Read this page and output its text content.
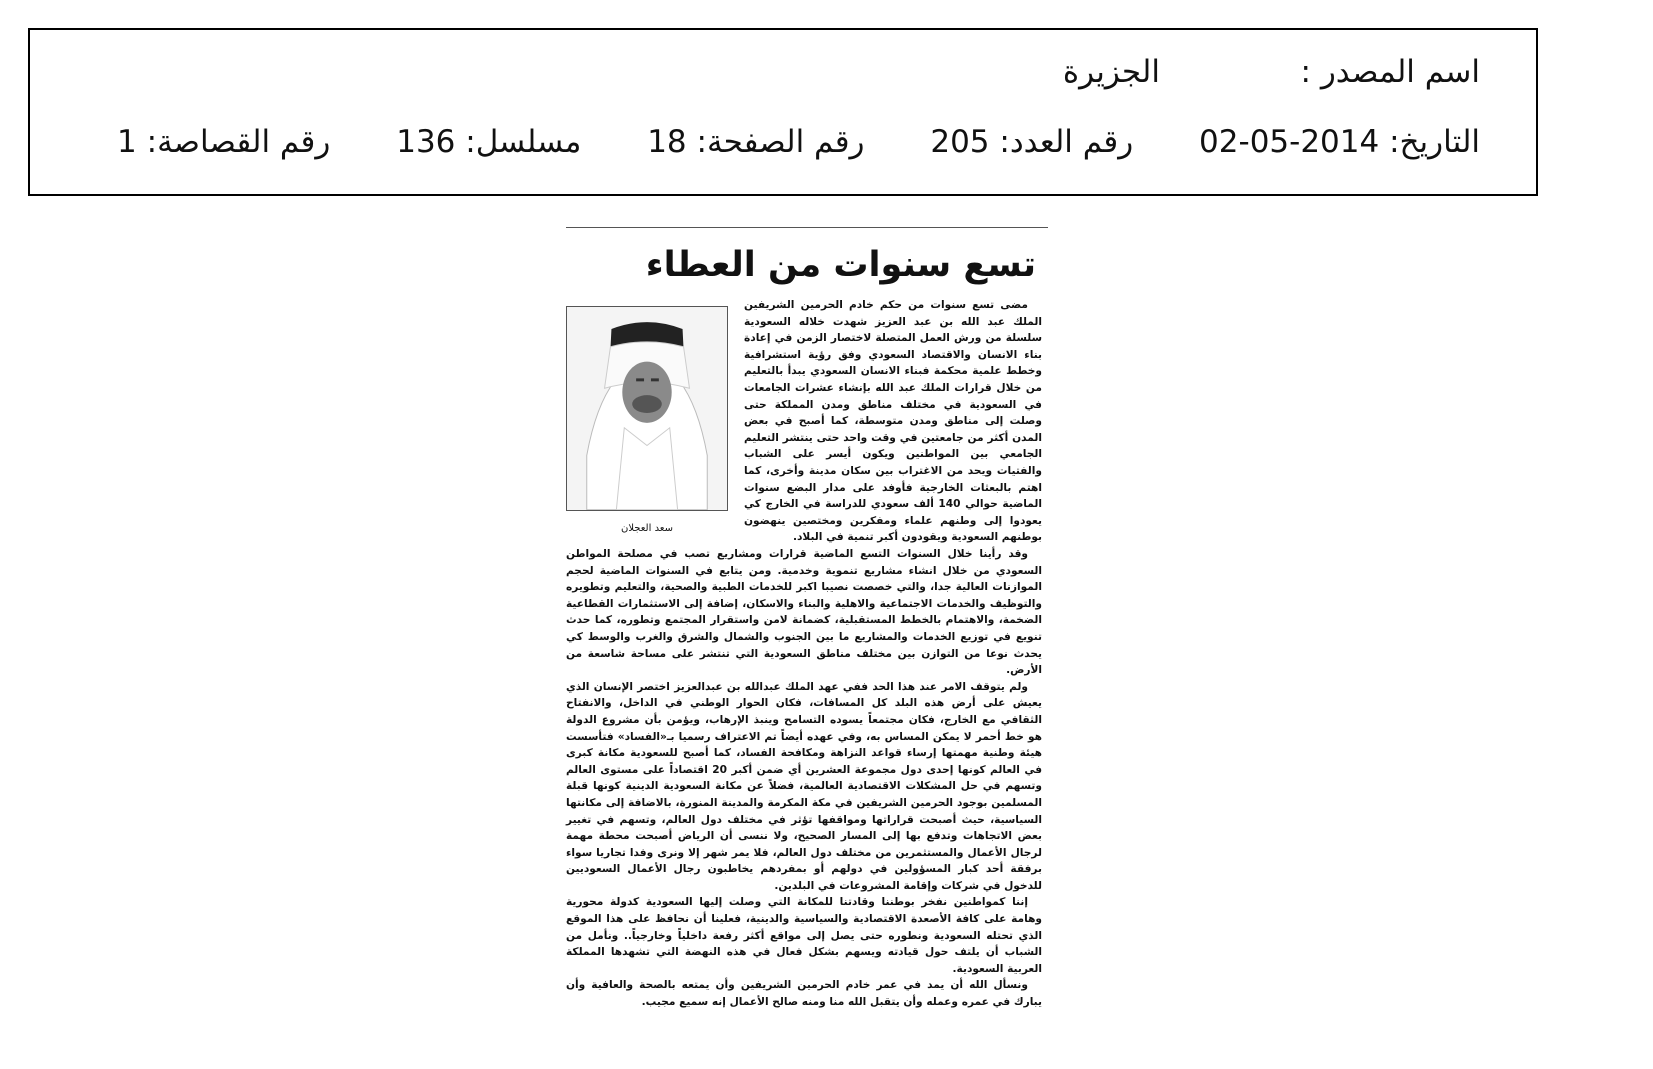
اسم المصدر :
الجزيرة
التاريخ: 2014-05-02 رقم العدد: 205 رقم الصفحة: 18 مسلسل: 136 رقم القصاصة: 1
تسع سنوات من العطاء
سعد العجلان

مضى تسع سنوات من حكم خادم الحرمين الشريفين الملك عبد الله بن عبد العزيز شهدت خلاله السعودية سلسلة من ورش العمل المتصلة لاختصار الزمن في إعادة بناء الانسان والاقتصاد السعودي وفق رؤية استشرافية وخطط علمية محكمة فبناء الانسان السعودي يبدأ بالتعليم من خلال قرارات الملك عبد الله بإنشاء عشرات الجامعات في السعودية في مختلف مناطق ومدن المملكة حتى وصلت إلى مناطق ومدن متوسطة، كما أصبح في بعض المدن أكثر من جامعتين في وقت واحد حتى ينتشر التعليم الجامعي بين المواطنين ويكون أيسر على الشباب والفتيات ويحد من الاغتراب بين سكان مدينة وأخرى، كما اهتم بالبعثات الخارجية فأوفد على مدار البضع سنوات الماضية حوالي 140 ألف سعودي للدراسة في الخارج كي يعودوا إلى وطنهم علماء ومفكرين ومختصين ينهضون بوطنهم السعودية ويقودون أكبر تنمية في البلاد.

وقد رأينا خلال السنوات التسع الماضية قرارات ومشاريع تصب في مصلحة المواطن السعودي من خلال انشاء مشاريع تنموية وخدمية. ومن يتابع في السنوات الماضية لحجم الموازنات العالية جدا، والتي خصصت نصيبا اكبر للخدمات الطبية والصحية، والتعليم وتطويره والتوظيف والخدمات الاجتماعية والاهلية والبناء والاسكان، إضافة إلى الاستثمارات القطاعية الضخمة، والاهتمام بالخطط المستقبلية، كضمانة لامن واستقرار المجتمع وتطوره، كما حدث تنويع في توزيع الخدمات والمشاريع ما بين الجنوب والشمال والشرق والغرب والوسط كي يحدث نوعا من التوازن بين مختلف مناطق السعودية التي تنتشر على مساحة شاسعة من الأرض.

ولم يتوقف الامر عند هذا الحد ففي عهد الملك عبدالله بن عبدالعزيز اختصر الإنسان الذي يعيش على أرض هذه البلد كل المسافات، فكان الحوار الوطني في الداخل، والانفتاح الثقافي مع الخارج، فكان مجتمعاً يسوده التسامح وينبذ الإرهاب، ويؤمن بأن مشروع الدولة هو خط أحمر لا يمكن المساس به، وفي عهده أيضاً تم الاعتراف رسميا بـ«الفساد» فتأسست هيئة وطنية مهمتها إرساء قواعد النزاهة ومكافحة الفساد، كما أصبح للسعودية مكانة كبرى في العالم كونها إحدى دول مجموعة العشرين أي ضمن أكبر 20 اقتصاداً على مستوى العالم وتسهم في حل المشكلات الاقتصادية العالمية، فضلاً عن مكانة السعودية الدينية كونها قبلة المسلمين بوجود الحرمين الشريفين في مكة المكرمة والمدينة المنورة، بالاضافة إلى مكانتها السياسية، حيث أصبحت قراراتها ومواقفها تؤثر في مختلف دول العالم، وتسهم في تغيير بعض الاتجاهات وتدفع بها إلى المسار الصحيح، ولا ننسى أن الرياض أصبحت محطة مهمة لرجال الأعمال والمستثمرين من مختلف دول العالم، فلا يمر شهر إلا ونرى وفدا تجاريا سواء برفقة أحد كبار المسؤولين في دولهم أو بمفردهم يخاطبون رجال الأعمال السعوديين للدخول في شركات وإقامة المشروعات في البلدين.

إننا كمواطنين نفخر بوطننا وقادتنا للمكانة التي وصلت إليها السعودية كدولة محورية وهامة على كافة الأصعدة الاقتصادية والسياسية والدينية، فعلينا أن نحافظ على هذا الموقع الذي تحتله السعودية ونطوره حتى يصل إلى مواقع أكثر رفعة داخلياً وخارجياً.. ونأمل من الشباب أن يلتف حول قيادته ويسهم بشكل فعال في هذه النهضة التي تشهدها المملكة العربية السعودية.

ونسأل الله أن يمد في عمر خادم الحرمين الشريفين وأن يمتعه بالصحة والعافية وأن يبارك في عمره وعمله وأن يتقبل الله منا ومنه صالح الأعمال إنه سميع مجيب.
